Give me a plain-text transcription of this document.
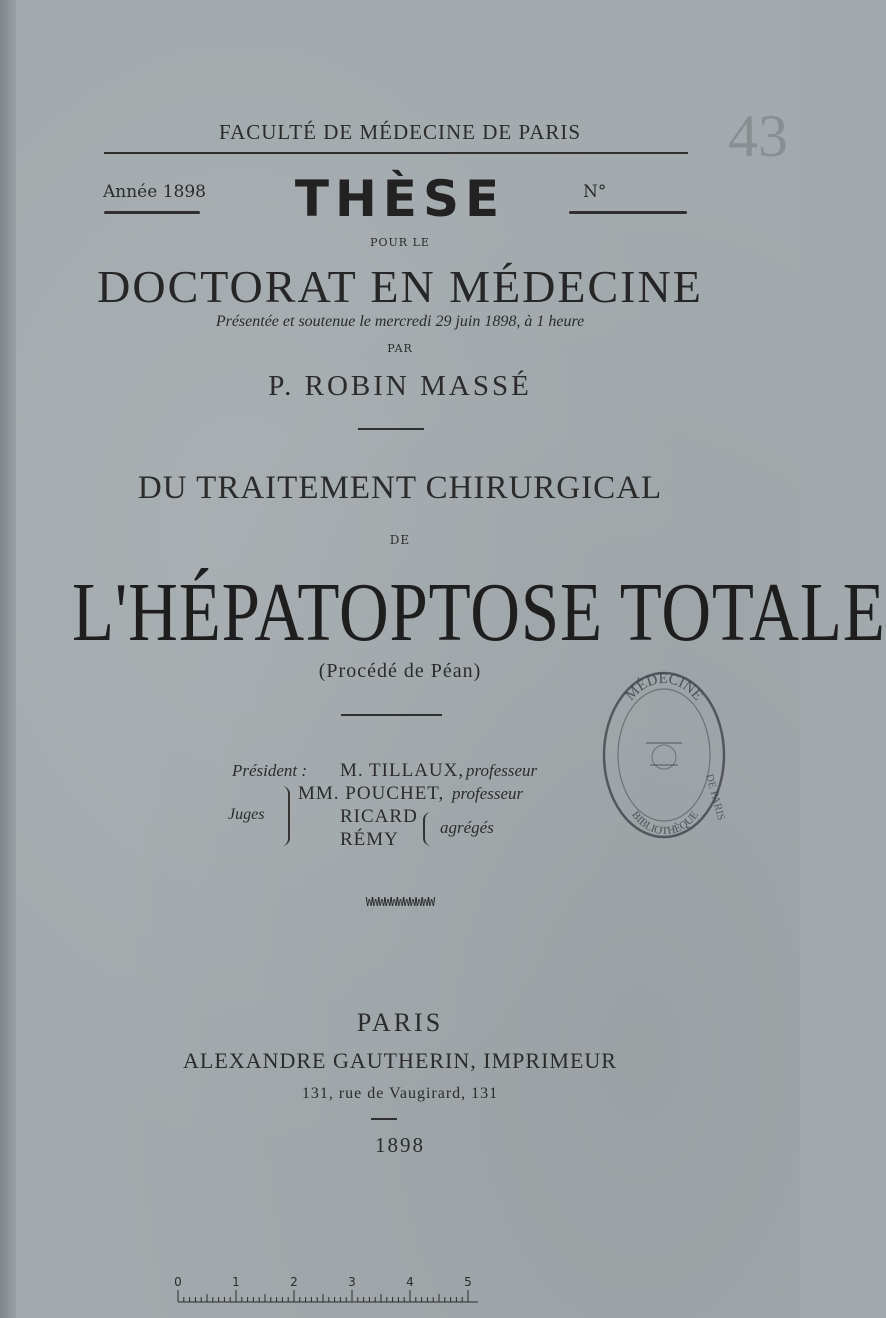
43
FACULTÉ DE MÉDECINE DE PARIS
Année 1898	THÈSE	N°
POUR LE
DOCTORAT EN MÉDECINE
Présentée et soutenue le mercredi 29 juin 1898, à 1 heure
PAR
P. ROBIN MASSÉ
DU TRAITEMENT CHIRURGICAL
DE
L'HÉPATOPTOSE TOTALE
(Procédé de Péan)
Président : M. TILLAUX, professeur
Juges
MM. POUCHET, professeur
RICARD
RÉMY
agrégés
WWWWWWWWWWW
MÉDECINE
BIBLIOTHÈQUE DE PARIS
PARIS
ALEXANDRE GAUTHERIN, IMPRIMEUR
131, rue de Vaugirard, 131
1898
0	1	2	3	4	5
